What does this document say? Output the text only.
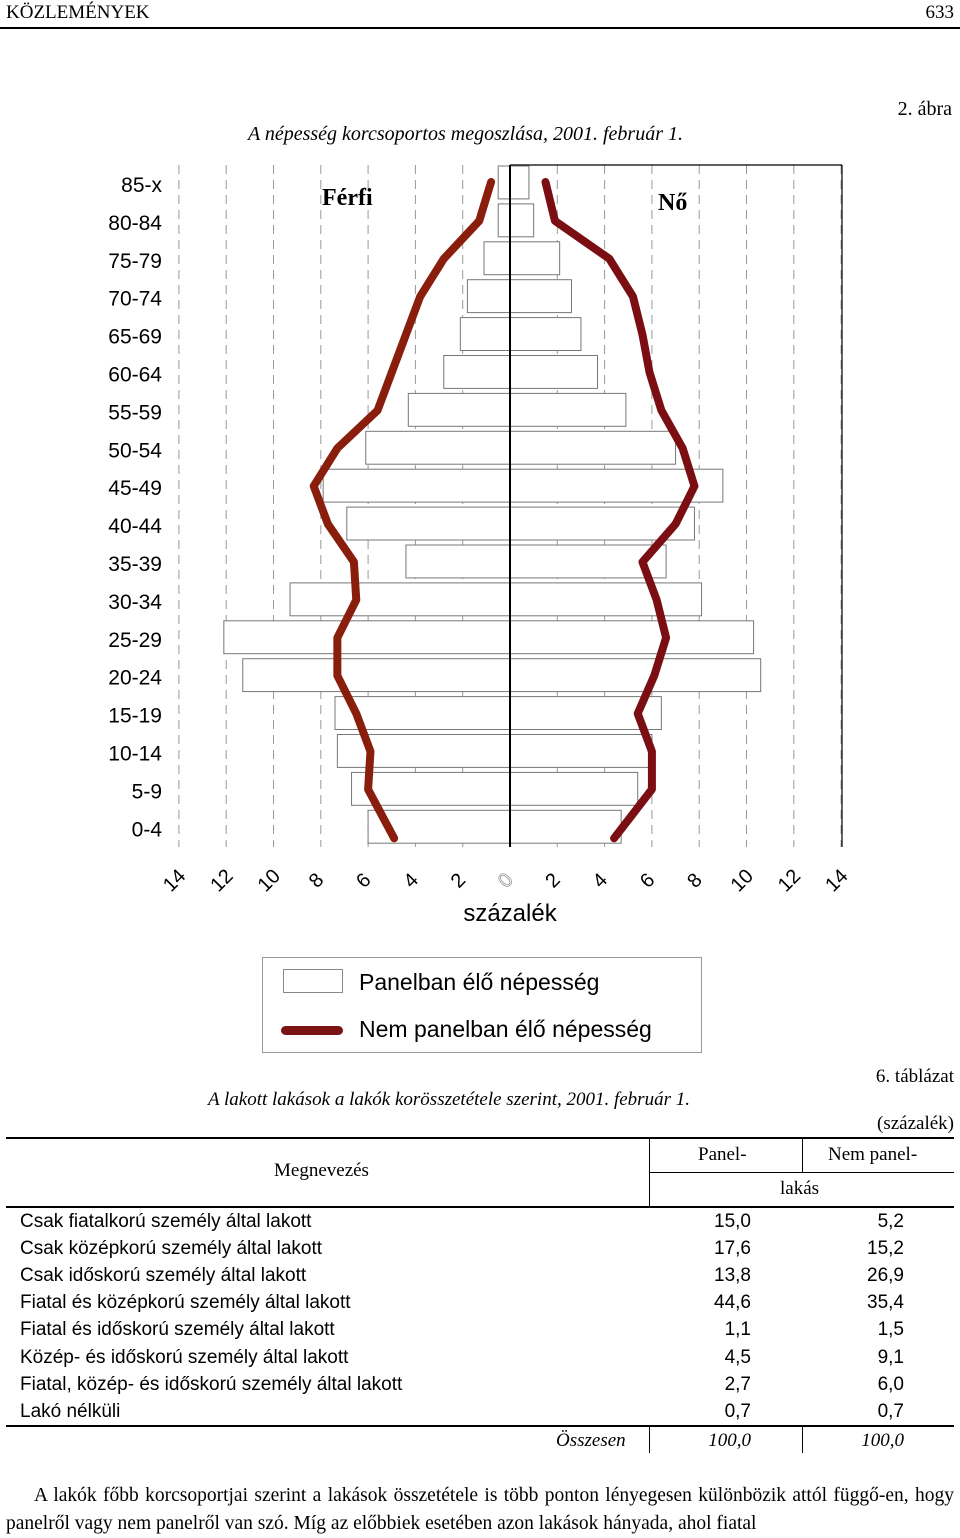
KÖZLEMÉNYEK	633
2. ábra
A népesség korcsoportos megoszlása, 2001. február 1.
85-x
80-84
75-79
70-74
65-69
60-64
55-59
50-54
45-49
40-44
35-39
30-34
25-29
20-24
15-19
10-14
5-9
0-4
Férfi	Nő
14 12 10 8 6 4 2 0 2 4 6 8 10 12 14
százalék
Panelban élő népesség
Nem panelban élő népesség
6. táblázat
A lakott lakások a lakók korösszetétele szerint, 2001. február 1.
(százalék)
Megnevezés
Panel-	Nem panel-
lakás
Csak fiatalkorú személy által lakott	15,0	5,2
Csak középkorú személy által lakott	17,6	15,2
Csak időskorú személy által lakott	13,8	26,9
Fiatal és középkorú személy által lakott	44,6	35,4
Fiatal és időskorú személy által lakott	1,1	1,5
Közép- és időskorú személy által lakott	4,5	9,1
Fiatal, közép- és időskorú személy által lakott	2,7	6,0
Lakó nélküli	0,7	0,7
Összesen	100,0	100,0
A lakók főbb korcsoportjai szerint a lakások összetétele is több ponton lényegesen különbözik attól függő-en, hogy panelről vagy nem panelről van szó. Míg az előbbiek esetében azon lakások hányada, ahol fiatal
